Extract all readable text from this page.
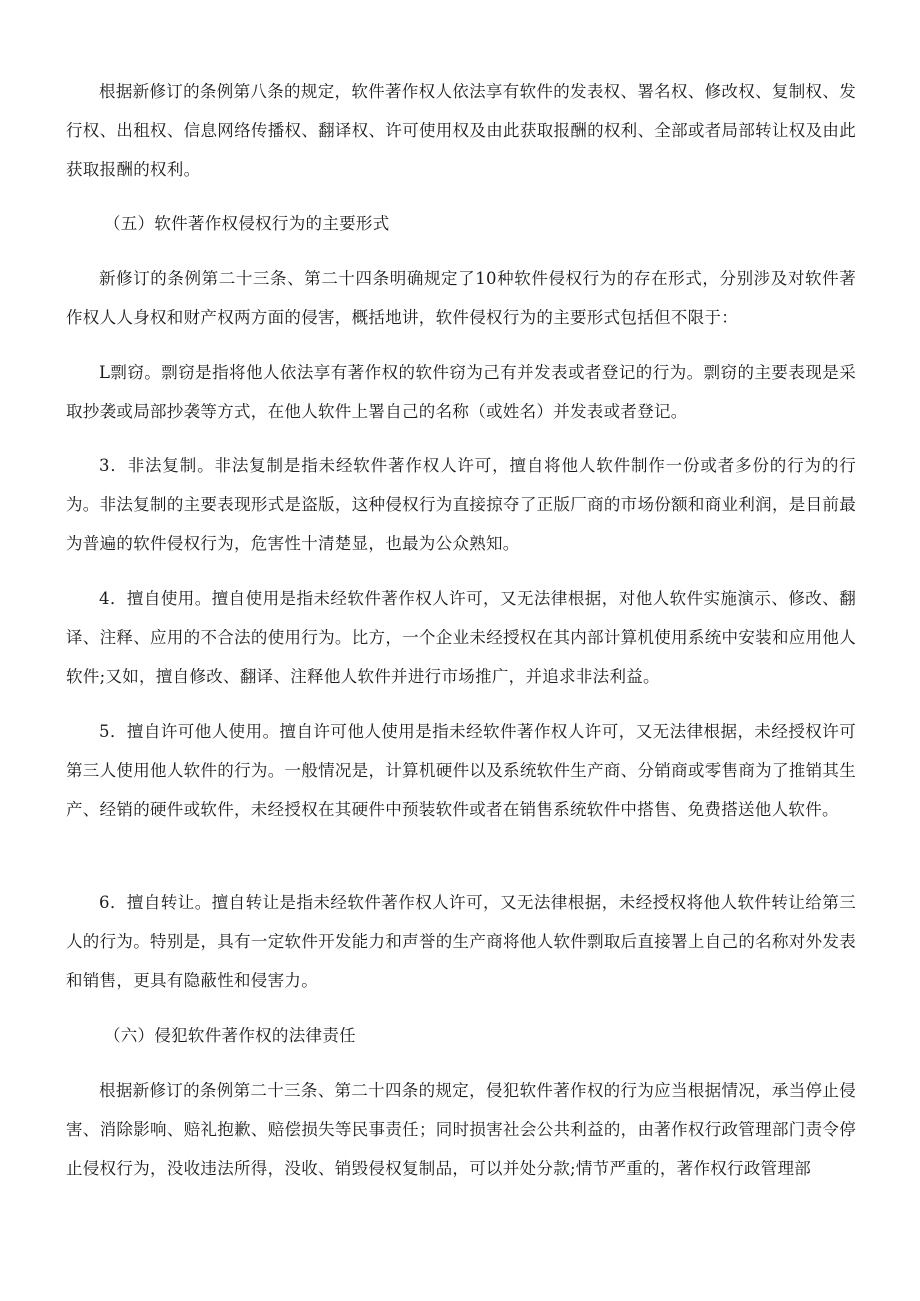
根据新修订的条例第八条的规定，软件著作权人依法享有软件的发表权、署名权、修改权、复制权、发行权、出租权、信息网络传播权、翻译权、许可使用权及由此获取报酬的权利、全部或者局部转让权及由此获取报酬的权利。

（五）软件著作权侵权行为的主要形式

新修订的条例第二十三条、第二十四条明确规定了10种软件侵权行为的存在形式，分别涉及对软件著作权人人身权和财产权两方面的侵害，概括地讲，软件侵权行为的主要形式包括但不限于：

L剽窃。剽窃是指将他人依法享有著作权的软件窃为己有并发表或者登记的行为。剽窃的主要表现是采取抄袭或局部抄袭等方式，在他人软件上署自己的名称（或姓名）并发表或者登记。

3．非法复制。非法复制是指未经软件著作权人许可，擅自将他人软件制作一份或者多份的行为的行为。非法复制的主要表现形式是盗版，这种侵权行为直接掠夺了正版厂商的市场份额和商业利润，是目前最为普遍的软件侵权行为，危害性十清楚显，也最为公众熟知。

4．擅自使用。擅自使用是指未经软件著作权人许可，又无法律根据，对他人软件实施演示、修改、翻译、注释、应用的不合法的使用行为。比方，一个企业未经授权在其内部计算机使用系统中安装和应用他人软件;又如，擅自修改、翻译、注释他人软件并进行市场推广，并追求非法利益。

5．擅自许可他人使用。擅自许可他人使用是指未经软件著作权人许可，又无法律根据，未经授权许可第三人使用他人软件的行为。一般情况是，计算机硬件以及系统软件生产商、分销商或零售商为了推销其生产、经销的硬件或软件，未经授权在其硬件中预装软件或者在销售系统软件中搭售、免费搭送他人软件。

6．擅自转让。擅自转让是指未经软件著作权人许可，又无法律根据，未经授权将他人软件转让给第三人的行为。特别是，具有一定软件开发能力和声誉的生产商将他人软件剽取后直接署上自己的名称对外发表和销售，更具有隐蔽性和侵害力。

（六）侵犯软件著作权的法律责任

根据新修订的条例第二十三条、第二十四条的规定，侵犯软件著作权的行为应当根据情况，承当停止侵害、消除影响、赔礼抱歉、赔偿损失等民事责任；同时损害社会公共利益的，由著作权行政管理部门责令停止侵权行为，没收违法所得，没收、销毁侵权复制品，可以并处分款;情节严重的，著作权行政管理部
